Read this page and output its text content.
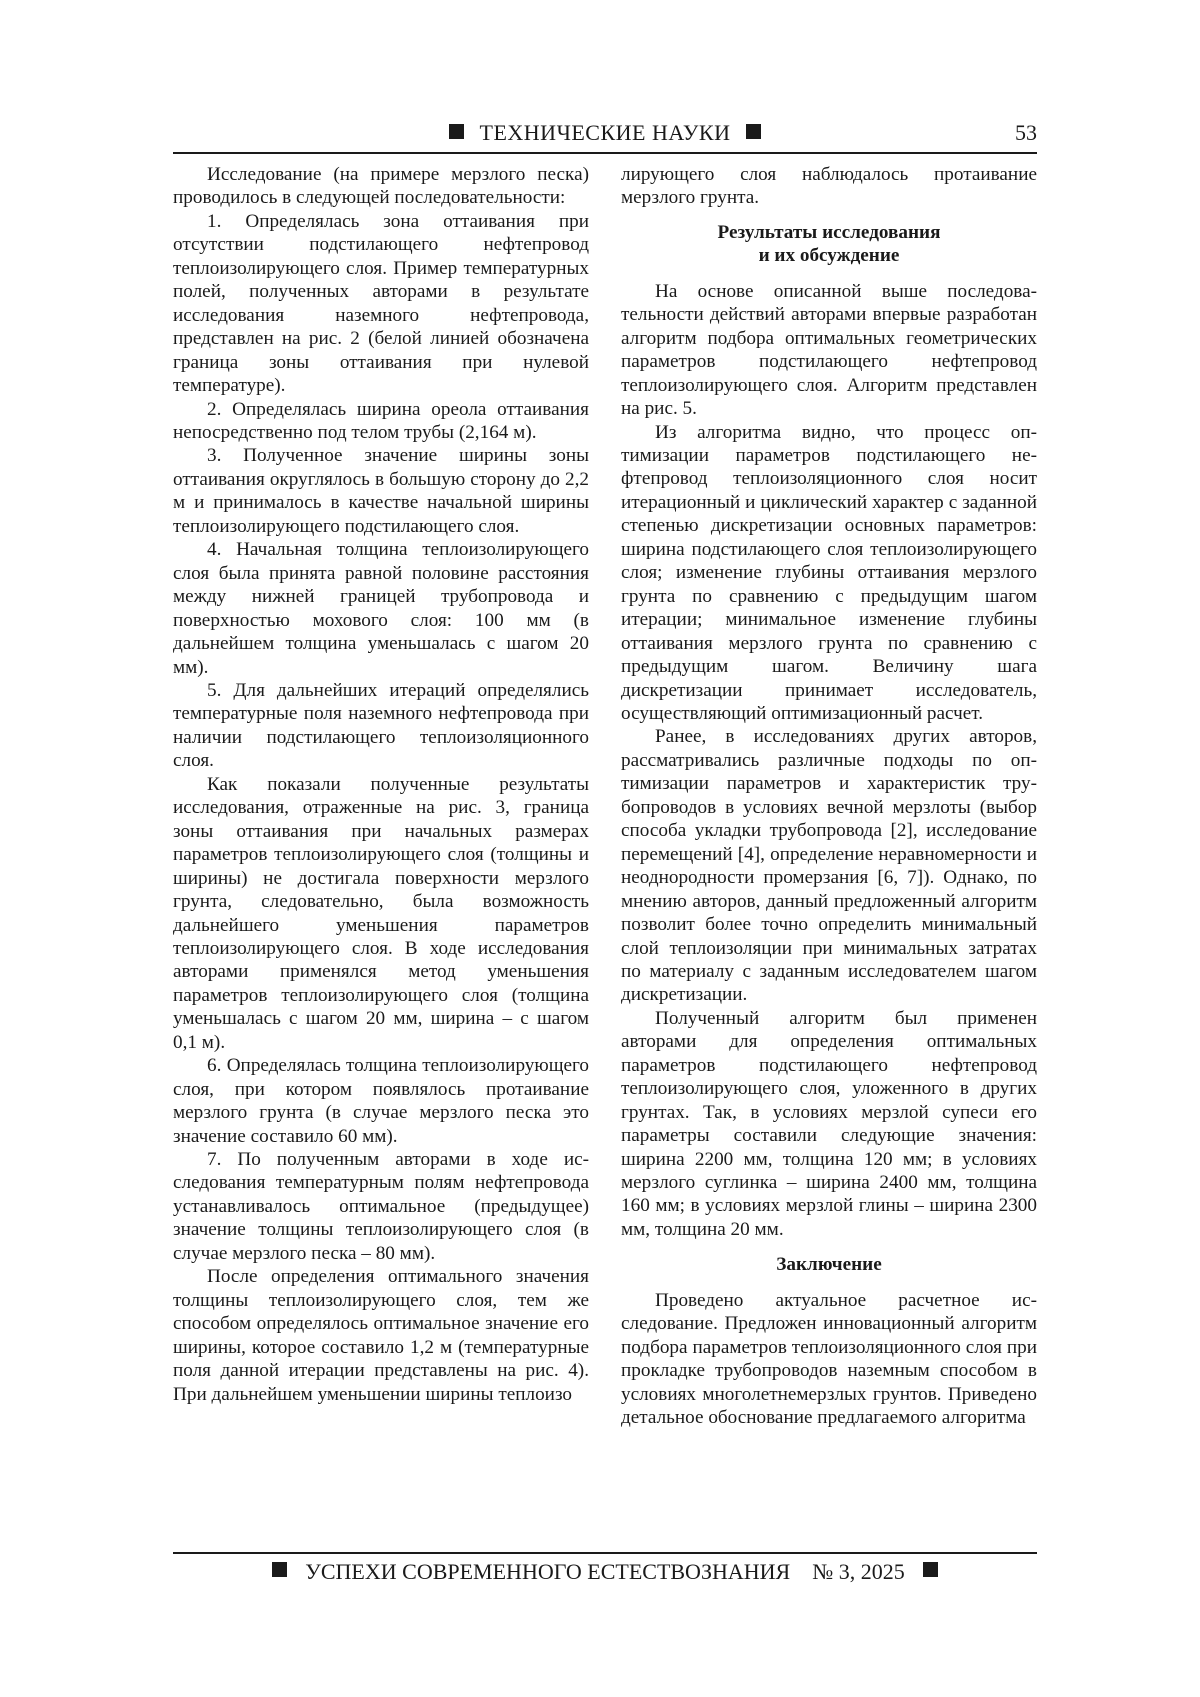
ТЕХНИЧЕСКИЕ НАУКИ	53

Исследование (на примере мерзлого песка) проводилось в следующей последовательности:

1. Определялась зона оттаивания при отсутствии подстилающего нефтепровод теплоизолирующего слоя. Пример температурных полей, полученных авторами в результате исследования наземного нефтепровода, представлен на рис. 2 (белой линией обозначена граница зоны оттаивания при нулевой температуре).

2. Определялась ширина ореола оттаивания непосредственно под телом трубы (2,164 м).

3. Полученное значение ширины зоны оттаивания округлялось в большую сторону до 2,2 м и принималось в качестве начальной ширины теплоизолирующего подстилающего слоя.

4. Начальная толщина теплоизолирующего слоя была принята равной половине расстояния между нижней границей трубопровода и поверхностью мохового слоя: 100 мм (в дальнейшем толщина уменьшалась с шагом 20 мм).

5. Для дальнейших итераций определялись температурные поля наземного нефтепровода при наличии подстилающего теплоизоляционного слоя.

Как показали полученные результаты исследования, отраженные на рис. 3, граница зоны оттаивания при начальных размерах параметров теплоизолирующего слоя (толщины и ширины) не достигала поверхности мерзлого грунта, следовательно, была возможность дальнейшего уменьшения параметров теплоизолирующего слоя. В ходе исследования авторами применялся метод уменьшения параметров теплоизолирующего слоя (толщина уменьшалась с шагом 20 мм, ширина – с шагом 0,1 м).

6. Определялась толщина теплоизолирующего слоя, при котором появлялось протаивание мерзлого грунта (в случае мерзлого песка это значение составило 60 мм).

7. По полученным авторами в ходе исследования температурным полям нефтепровода устанавливалось оптимальное (предыдущее) значение толщины теплоизолирующего слоя (в случае мерзлого песка – 80 мм).

После определения оптимального значения толщины теплоизолирующего слоя, тем же способом определялось оптимальное значение его ширины, которое составило 1,2 м (температурные поля данной итерации представлены на рис. 4). При дальнейшем уменьшении ширины теплоизо

лирующего слоя наблюдалось протаивание мерзлого грунта.

Результаты исследования
и их обсуждение

На основе описанной выше последовательности действий авторами впервые разработан алгоритм подбора оптимальных геометрических параметров подстилающего нефтепровод теплоизолирующего слоя. Алгоритм представлен на рис. 5.

Из алгоритма видно, что процесс оптимизации параметров подстилающего нефтепровод теплоизоляционного слоя носит итерационный и циклический характер с заданной степенью дискретизации основных параметров: ширина подстилающего слоя теплоизолирующего слоя; изменение глубины оттаивания мерзлого грунта по сравнению с предыдущим шагом итерации; минимальное изменение глубины оттаивания мерзлого грунта по сравнению с предыдущим шагом. Величину шага дискретизации принимает исследователь, осуществляющий оптимизационный расчет.

Ранее, в исследованиях других авторов, рассматривались различные подходы по оптимизации параметров и характеристик трубопроводов в условиях вечной мерзлоты (выбор способа укладки трубопровода [2], исследование перемещений [4], определение неравномерности и неоднородности промерзания [6, 7]). Однако, по мнению авторов, данный предложенный алгоритм позволит более точно определить минимальный слой теплоизоляции при минимальных затратах по материалу с заданным исследователем шагом дискретизации.

Полученный алгоритм был применен авторами для определения оптимальных параметров подстилающего нефтепровод теплоизолирующего слоя, уложенного в других грунтах. Так, в условиях мерзлой супеси его параметры составили следующие значения: ширина 2200 мм, толщина 120 мм; в условиях мерзлого суглинка – ширина 2400 мм, толщина 160 мм; в условиях мерзлой глины – ширина 2300 мм, толщина 20 мм.

Заключение

Проведено актуальное расчетное исследование. Предложен инновационный алгоритм подбора параметров теплоизоляционного слоя при прокладке трубопроводов наземным способом в условиях многолетнемерзлых грунтов. Приведено детальное обоснование предлагаемого алгоритма

УСПЕХИ СОВРЕМЕННОГО ЕСТЕСТВОЗНАНИЯ № 3, 2025
